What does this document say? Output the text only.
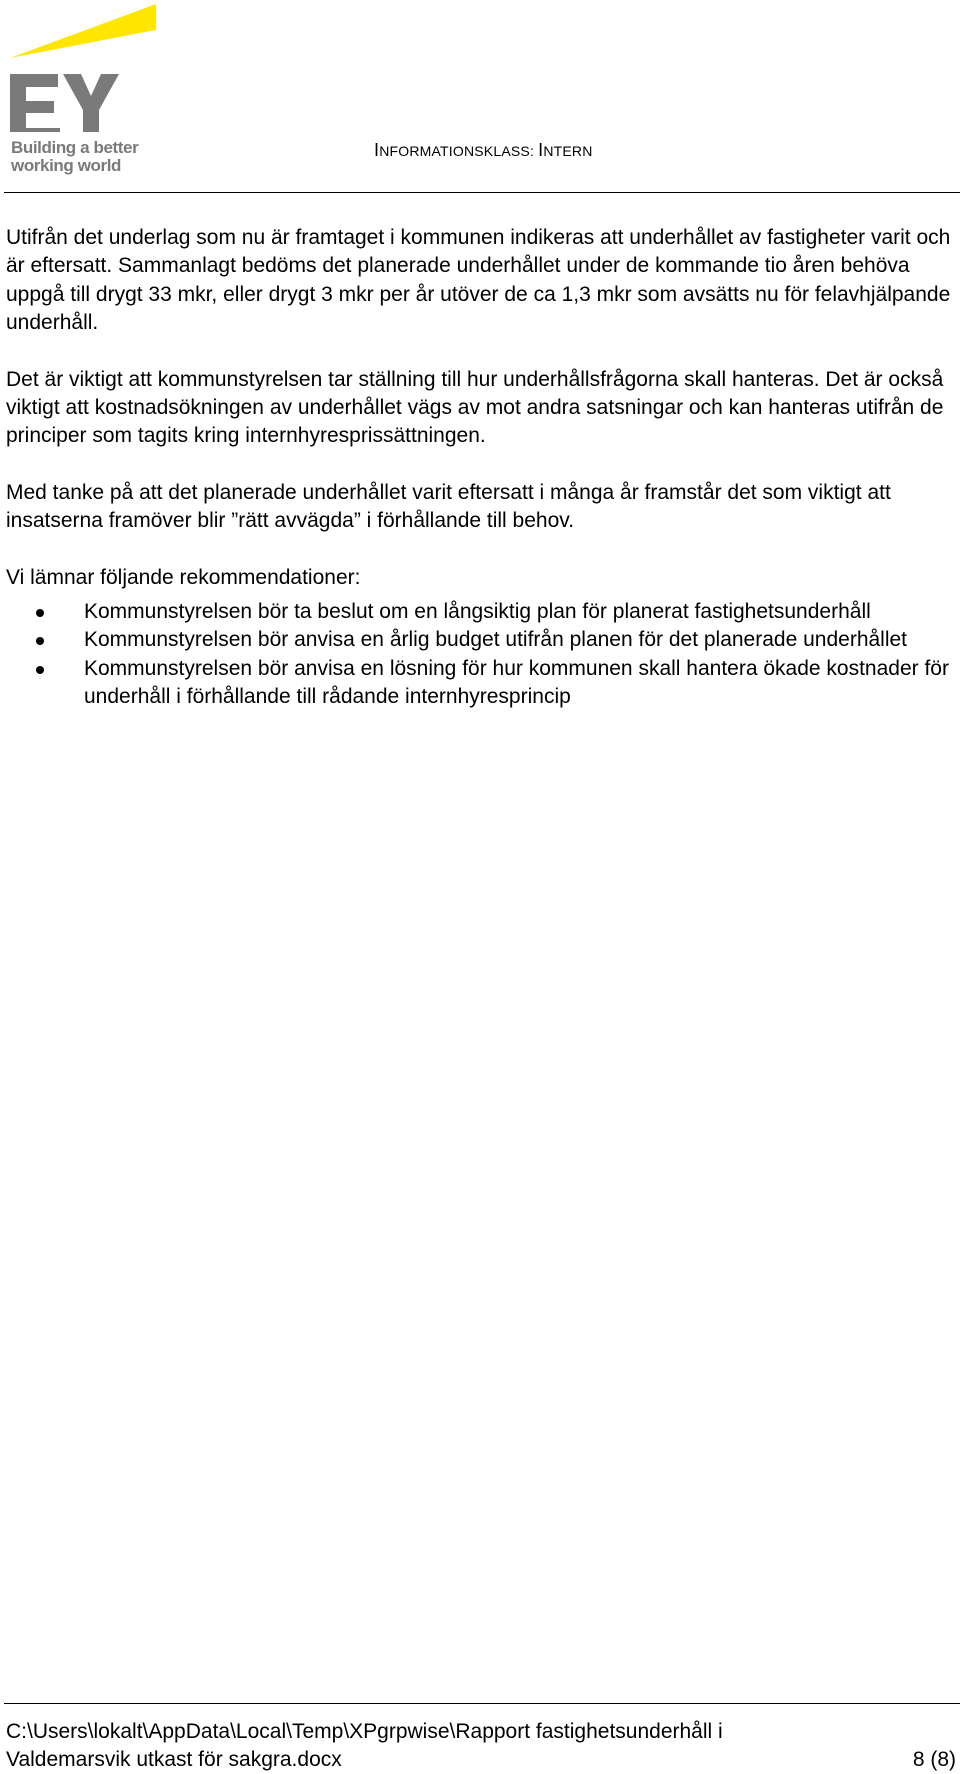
Building a better
working world
INFORMATIONSKLASS: INTERN

Utifrån det underlag som nu är framtaget i kommunen indikeras att underhållet av fastigheter varit och är eftersatt. Sammanlagt bedöms det planerade underhållet under de kommande tio åren behöva uppgå till drygt 33 mkr, eller drygt 3 mkr per år utöver de ca 1,3 mkr som avsätts nu för felavhjälpande underhåll.

Det är viktigt att kommunstyrelsen tar ställning till hur underhållsfrågorna skall hanteras. Det är också viktigt att kostnadsökningen av underhållet vägs av mot andra satsningar och kan hanteras utifrån de principer som tagits kring internhyresprissättningen.

Med tanke på att det planerade underhållet varit eftersatt i många år framstår det som viktigt att insatserna framöver blir ”rätt avvägda” i förhållande till behov.

Vi lämnar följande rekommendationer:

Kommunstyrelsen bör ta beslut om en långsiktig plan för planerat fastighetsunderhåll
Kommunstyrelsen bör anvisa en årlig budget utifrån planen för det planerade underhållet
Kommunstyrelsen bör anvisa en lösning för hur kommunen skall hantera ökade kostnader för underhåll i förhållande till rådande internhyresprincip
C:\Users\lokalt\AppData\Local\Temp\XPgrpwise\Rapport fastighetsunderhåll i
Valdemarsvik utkast för sakgra.docx	8 (8)
